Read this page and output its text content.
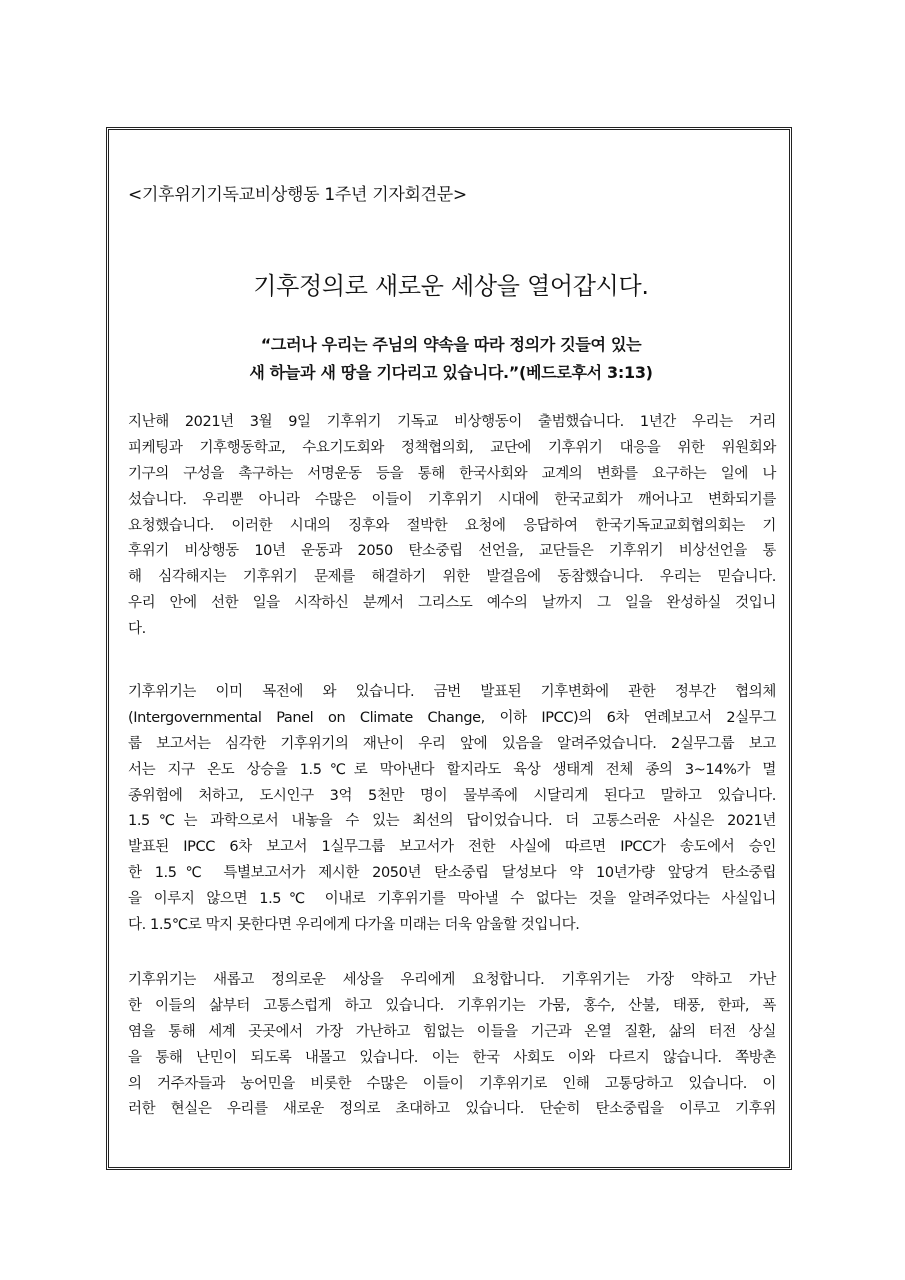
<기후위기기독교비상행동 1주년 기자회견문>
기후정의로 새로운 세상을 열어갑시다.
“그러나 우리는 주님의 약속을 따라 정의가 깃들여 있는
새 하늘과 새 땅을 기다리고 있습니다.”(베드로후서 3:13)
지난해 2021년 3월 9일 기후위기 기독교 비상행동이 출범했습니다. 1년간 우리는 거리
피케팅과 기후행동학교, 수요기도회와 정책협의회, 교단에 기후위기 대응을 위한 위원회와
기구의 구성을 촉구하는 서명운동 등을 통해 한국사회와 교계의 변화를 요구하는 일에 나
섰습니다. 우리뿐 아니라 수많은 이들이 기후위기 시대에 한국교회가 깨어나고 변화되기를
요청했습니다. 이러한 시대의 징후와 절박한 요청에 응답하여 한국기독교교회협의회는 기
후위기 비상행동 10년 운동과 2050 탄소중립 선언을, 교단들은 기후위기 비상선언을 통
해 심각해지는 기후위기 문제를 해결하기 위한 발걸음에 동참했습니다. 우리는 믿습니다.
우리 안에 선한 일을 시작하신 분께서 그리스도 예수의 날까지 그 일을 완성하실 것입니
다.
기후위기는 이미 목전에 와 있습니다. 금번 발표된 기후변화에 관한 정부간 협의체
(Intergovernmental Panel on Climate Change, 이하 IPCC)의 6차 연례보고서 2실무그
룹 보고서는 심각한 기후위기의 재난이 우리 앞에 있음을 알려주었습니다. 2실무그룹 보고
서는 지구 온도 상승을 1.5℃로 막아낸다 할지라도 육상 생태계 전체 종의 3~14%가 멸
종위험에 처하고, 도시인구 3억 5천만 명이 물부족에 시달리게 된다고 말하고 있습니다.
1.5℃는 과학으로서 내놓을 수 있는 최선의 답이었습니다. 더 고통스러운 사실은 2021년
발표된 IPCC 6차 보고서 1실무그룹 보고서가 전한 사실에 따르면 IPCC가 송도에서 승인
한 1.5℃ 특별보고서가 제시한 2050년 탄소중립 달성보다 약 10년가량 앞당겨 탄소중립
을 이루지 않으면 1.5℃ 이내로 기후위기를 막아낼 수 없다는 것을 알려주었다는 사실입니
다. 1.5℃로 막지 못한다면 우리에게 다가올 미래는 더욱 암울할 것입니다.
기후위기는 새롭고 정의로운 세상을 우리에게 요청합니다. 기후위기는 가장 약하고 가난
한 이들의 삶부터 고통스럽게 하고 있습니다. 기후위기는 가뭄, 홍수, 산불, 태풍, 한파, 폭
염을 통해 세계 곳곳에서 가장 가난하고 힘없는 이들을 기근과 온열 질환, 삶의 터전 상실
을 통해 난민이 되도록 내몰고 있습니다. 이는 한국 사회도 이와 다르지 않습니다. 쪽방촌
의 거주자들과 농어민을 비롯한 수많은 이들이 기후위기로 인해 고통당하고 있습니다. 이
러한 현실은 우리를 새로운 정의로 초대하고 있습니다. 단순히 탄소중립을 이루고 기후위
